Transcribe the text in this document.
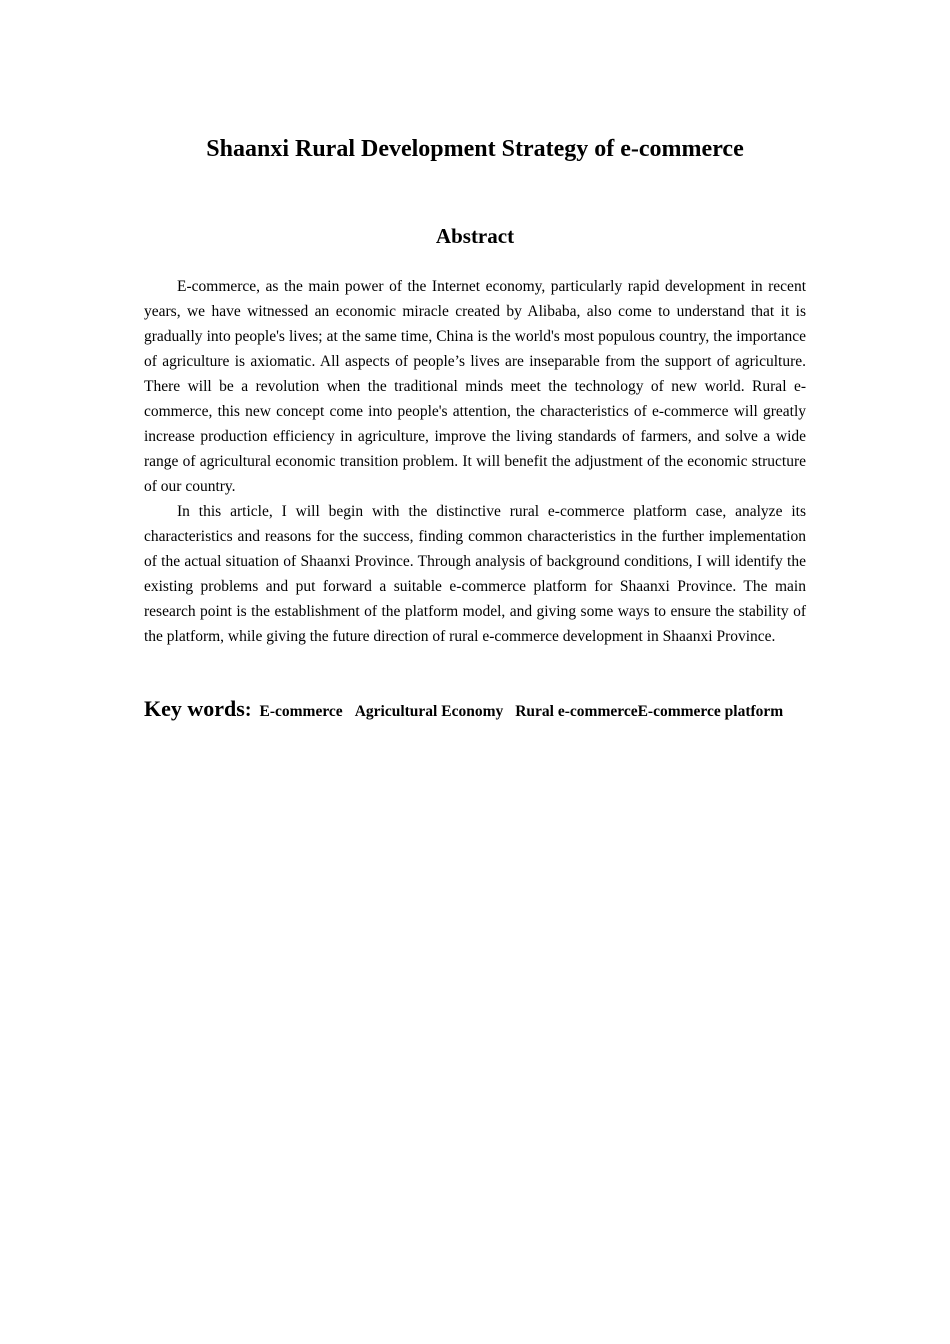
Shaanxi Rural Development Strategy of e-commerce
Abstract

E-commerce, as the main power of the Internet economy, particularly rapid development in recent years, we have witnessed an economic miracle created by Alibaba, also come to understand that it is gradually into people's lives; at the same time, China is the world's most populous country, the importance of agriculture is axiomatic. All aspects of people’s lives are inseparable from the support of agriculture. There will be a revolution when the traditional minds meet the technology of new world. Rural e-commerce, this new concept come into people's attention, the characteristics of e-commerce will greatly increase production efficiency in agriculture, improve the living standards of farmers, and solve a wide range of agricultural economic transition problem. It will benefit the adjustment of the economic structure of our country.

In this article, I will begin with the distinctive rural e-commerce platform case, analyze its characteristics and reasons for the success, finding common characteristics in the further implementation of the actual situation of Shaanxi Province. Through analysis of background conditions, I will identify the existing problems and put forward a suitable e-commerce platform for Shaanxi Province. The main research point is the establishment of the platform model, and giving some ways to ensure the stability of the platform, while giving the future direction of rural e-commerce development in Shaanxi Province.

Key words: E-commerce Agricultural Economy Rural e-commerceE-commerce platform
